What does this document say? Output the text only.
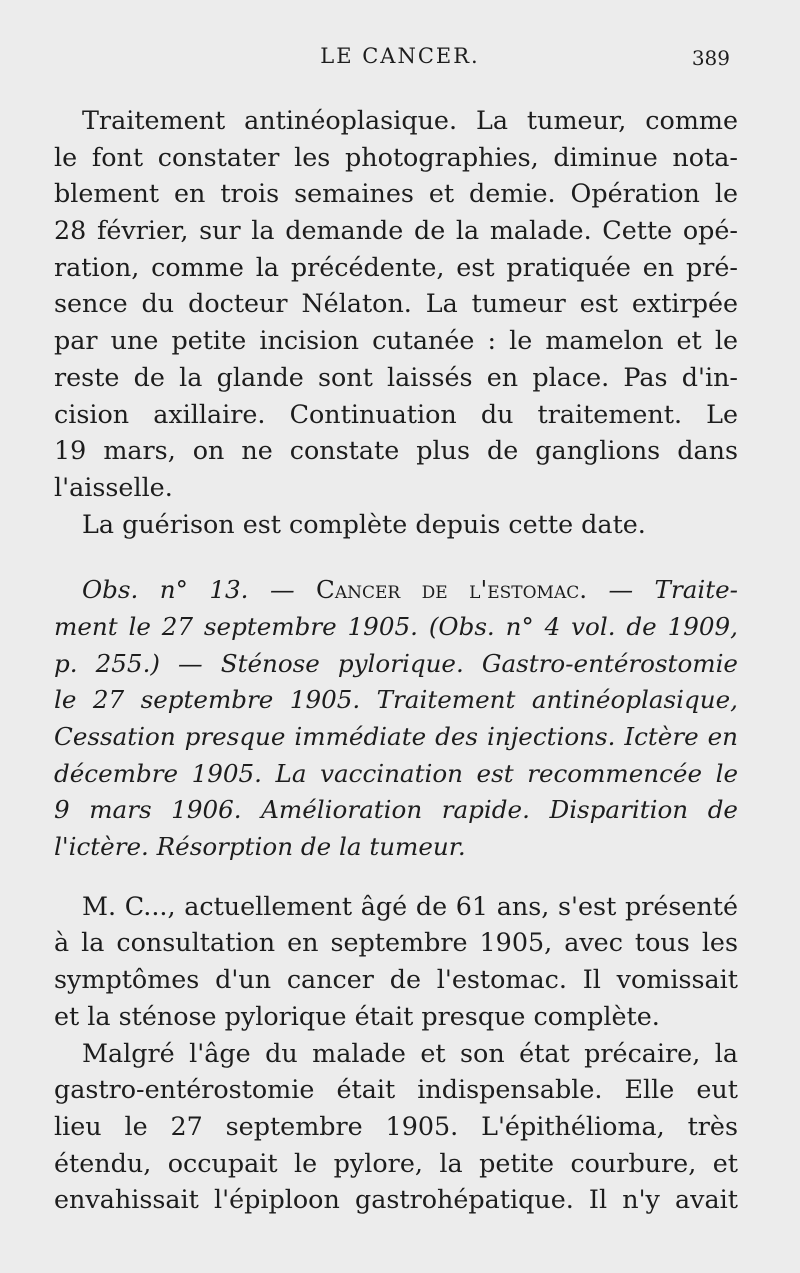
LE CANCER.	389
Traitement antinéoplasique. La tumeur, comme
le font constater les photographies, diminue nota-
blement en trois semaines et demie. Opération le
28 février, sur la demande de la malade. Cette opé-
ration, comme la précédente, est pratiquée en pré-
sence du docteur Nélaton. La tumeur est extirpée
par une petite incision cutanée : le mamelon et le
reste de la glande sont laissés en place. Pas d'in-
cision axillaire. Continuation du traitement. Le
19 mars, on ne constate plus de ganglions dans
l'aisselle.
La guérison est complète depuis cette date.
Obs. n° 13. — Cancer de l'estomac. — Traite-
ment le 27 septembre 1905. (Obs. n° 4 vol. de 1909,
p. 255.) — Sténose pylorique. Gastro-entérostomie
le 27 septembre 1905. Traitement antinéoplasique,
Cessation presque immédiate des injections. Ictère en
décembre 1905. La vaccination est recommencée le
9 mars 1906. Amélioration rapide. Disparition de
l'ictère. Résorption de la tumeur.
M. C..., actuellement âgé de 61 ans, s'est présenté
à la consultation en septembre 1905, avec tous les
symptômes d'un cancer de l'estomac. Il vomissait
et la sténose pylorique était presque complète.
Malgré l'âge du malade et son état précaire, la
gastro-entérostomie était indispensable. Elle eut
lieu le 27 septembre 1905. L'épithélioma, très
étendu, occupait le pylore, la petite courbure, et
envahissait l'épiploon gastrohépatique. Il n'y avait
